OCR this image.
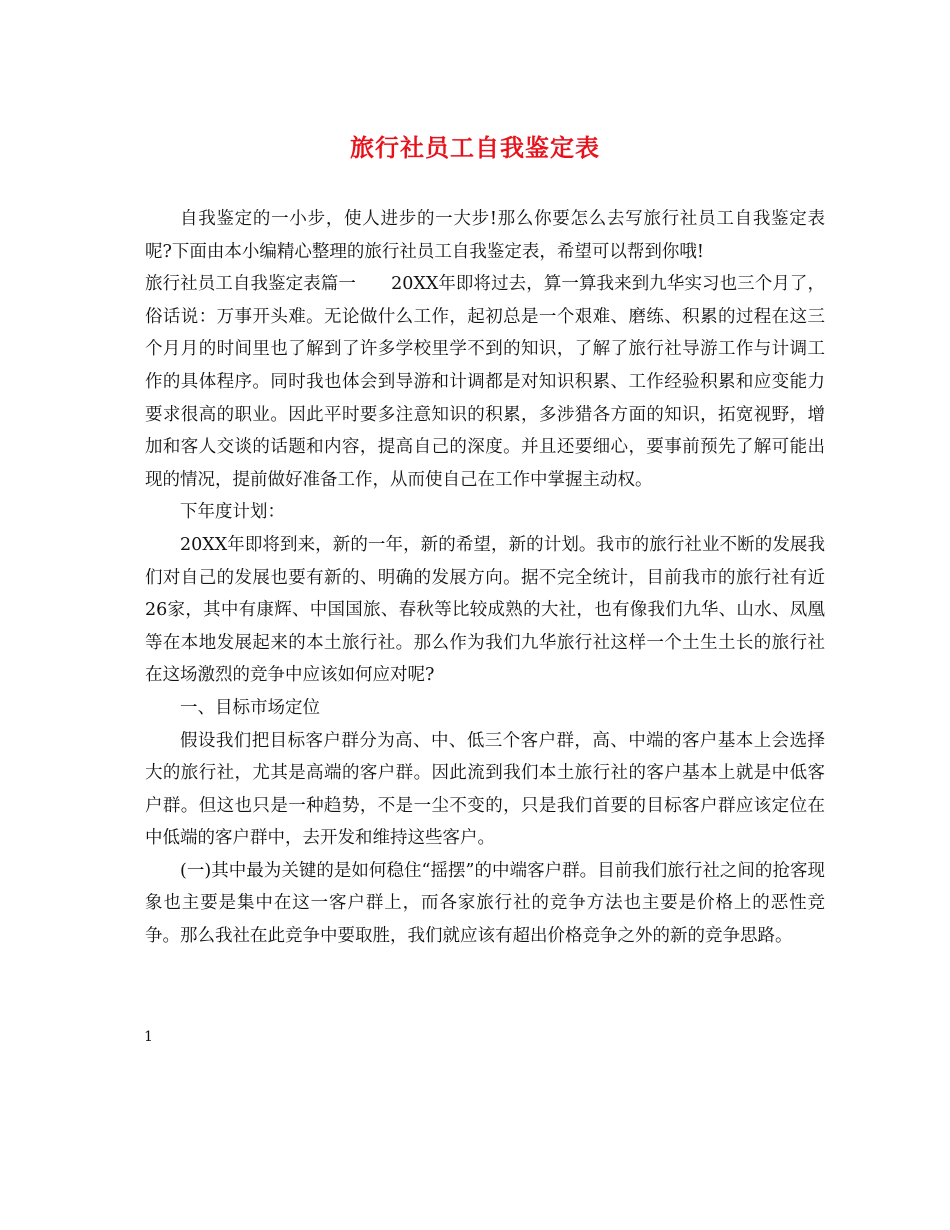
旅行社员工自我鉴定表

自我鉴定的一小步，使人进步的一大步!那么你要怎么去写旅行社员工自我鉴定表呢?下面由本小编精心整理的旅行社员工自我鉴定表，希望可以帮到你哦!

旅行社员工自我鉴定表篇一　　20XX年即将过去，算一算我来到九华实习也三个月了，俗话说：万事开头难。无论做什么工作，起初总是一个艰难、磨练、积累的过程在这三个月月的时间里也了解到了许多学校里学不到的知识，了解了旅行社导游工作与计调工作的具体程序。同时我也体会到导游和计调都是对知识积累、工作经验积累和应变能力要求很高的职业。因此平时要多注意知识的积累，多涉猎各方面的知识，拓宽视野，增加和客人交谈的话题和内容，提高自己的深度。并且还要细心，要事前预先了解可能出现的情况，提前做好准备工作，从而使自己在工作中掌握主动权。

下年度计划：

20XX年即将到来，新的一年，新的希望，新的计划。我市的旅行社业不断的发展我们对自己的发展也要有新的、明确的发展方向。据不完全统计，目前我市的旅行社有近26家，其中有康辉、中国国旅、春秋等比较成熟的大社，也有像我们九华、山水、凤凰等在本地发展起来的本土旅行社。那么作为我们九华旅行社这样一个土生土长的旅行社在这场激烈的竞争中应该如何应对呢?

一、目标市场定位

假设我们把目标客户群分为高、中、低三个客户群，高、中端的客户基本上会选择大的旅行社，尤其是高端的客户群。因此流到我们本土旅行社的客户基本上就是中低客户群。但这也只是一种趋势，不是一尘不变的，只是我们首要的目标客户群应该定位在中低端的客户群中，去开发和维持这些客户。

(一)其中最为关键的是如何稳住“摇摆”的中端客户群。目前我们旅行社之间的抢客现象也主要是集中在这一客户群上，而各家旅行社的竞争方法也主要是价格上的恶性竞争。那么我社在此竞争中要取胜，我们就应该有超出价格竞争之外的新的竞争思路。

1
